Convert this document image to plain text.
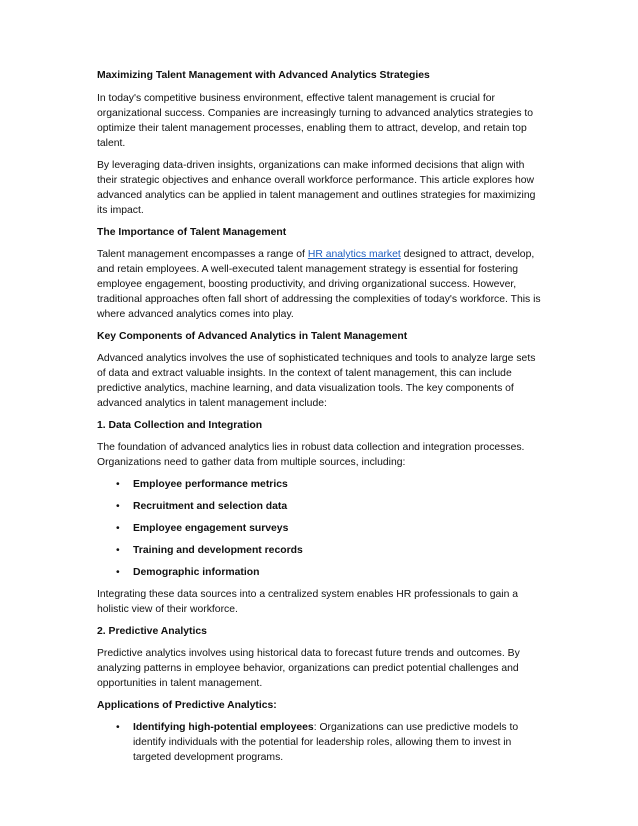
Maximizing Talent Management with Advanced Analytics Strategies

In today's competitive business environment, effective talent management is crucial for organizational success. Companies are increasingly turning to advanced analytics strategies to optimize their talent management processes, enabling them to attract, develop, and retain top talent.

By leveraging data-driven insights, organizations can make informed decisions that align with their strategic objectives and enhance overall workforce performance. This article explores how advanced analytics can be applied in talent management and outlines strategies for maximizing its impact.

The Importance of Talent Management

Talent management encompasses a range of HR analytics market designed to attract, develop, and retain employees. A well-executed talent management strategy is essential for fostering employee engagement, boosting productivity, and driving organizational success. However, traditional approaches often fall short of addressing the complexities of today's workforce. This is where advanced analytics comes into play.

Key Components of Advanced Analytics in Talent Management

Advanced analytics involves the use of sophisticated techniques and tools to analyze large sets of data and extract valuable insights. In the context of talent management, this can include predictive analytics, machine learning, and data visualization tools. The key components of advanced analytics in talent management include:

1. Data Collection and Integration

The foundation of advanced analytics lies in robust data collection and integration processes. Organizations need to gather data from multiple sources, including:

• Employee performance metrics
• Recruitment and selection data
• Employee engagement surveys
• Training and development records
• Demographic information

Integrating these data sources into a centralized system enables HR professionals to gain a holistic view of their workforce.

2. Predictive Analytics

Predictive analytics involves using historical data to forecast future trends and outcomes. By analyzing patterns in employee behavior, organizations can predict potential challenges and opportunities in talent management.

Applications of Predictive Analytics:
• Identifying high-potential employees: Organizations can use predictive models to identify individuals with the potential for leadership roles, allowing them to invest in targeted development programs.
